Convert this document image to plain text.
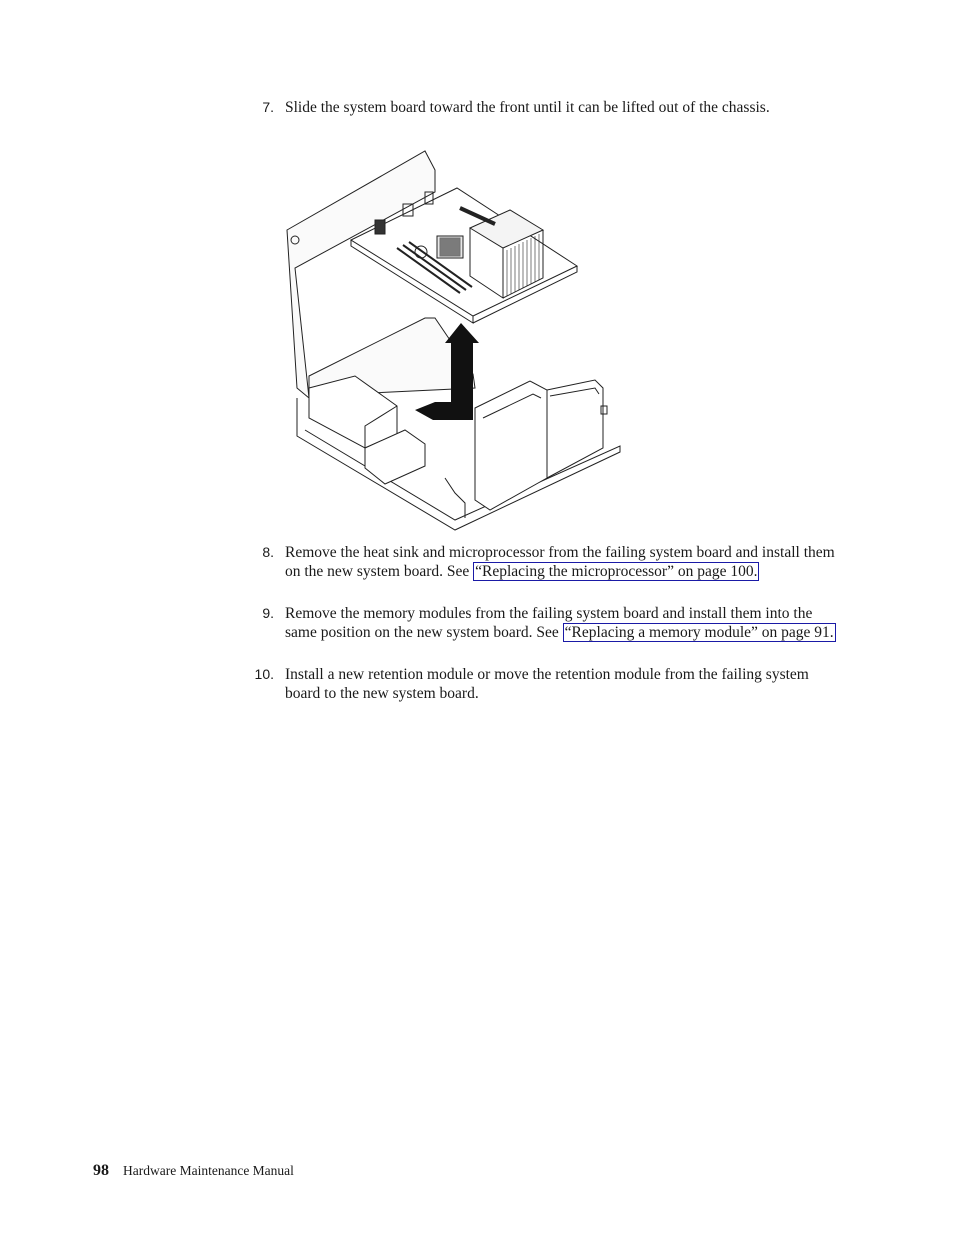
7. Slide the system board toward the front until it can be lifted out of the chassis.
8. Remove the heat sink and microprocessor from the failing system board and install them on the new system board. See “Replacing the microprocessor” on page 100.
9. Remove the memory modules from the failing system board and install them into the same position on the new system board. See “Replacing a memory module” on page 91.
10. Install a new retention module or move the retention module from the failing system board to the new system board.
98 Hardware Maintenance Manual
